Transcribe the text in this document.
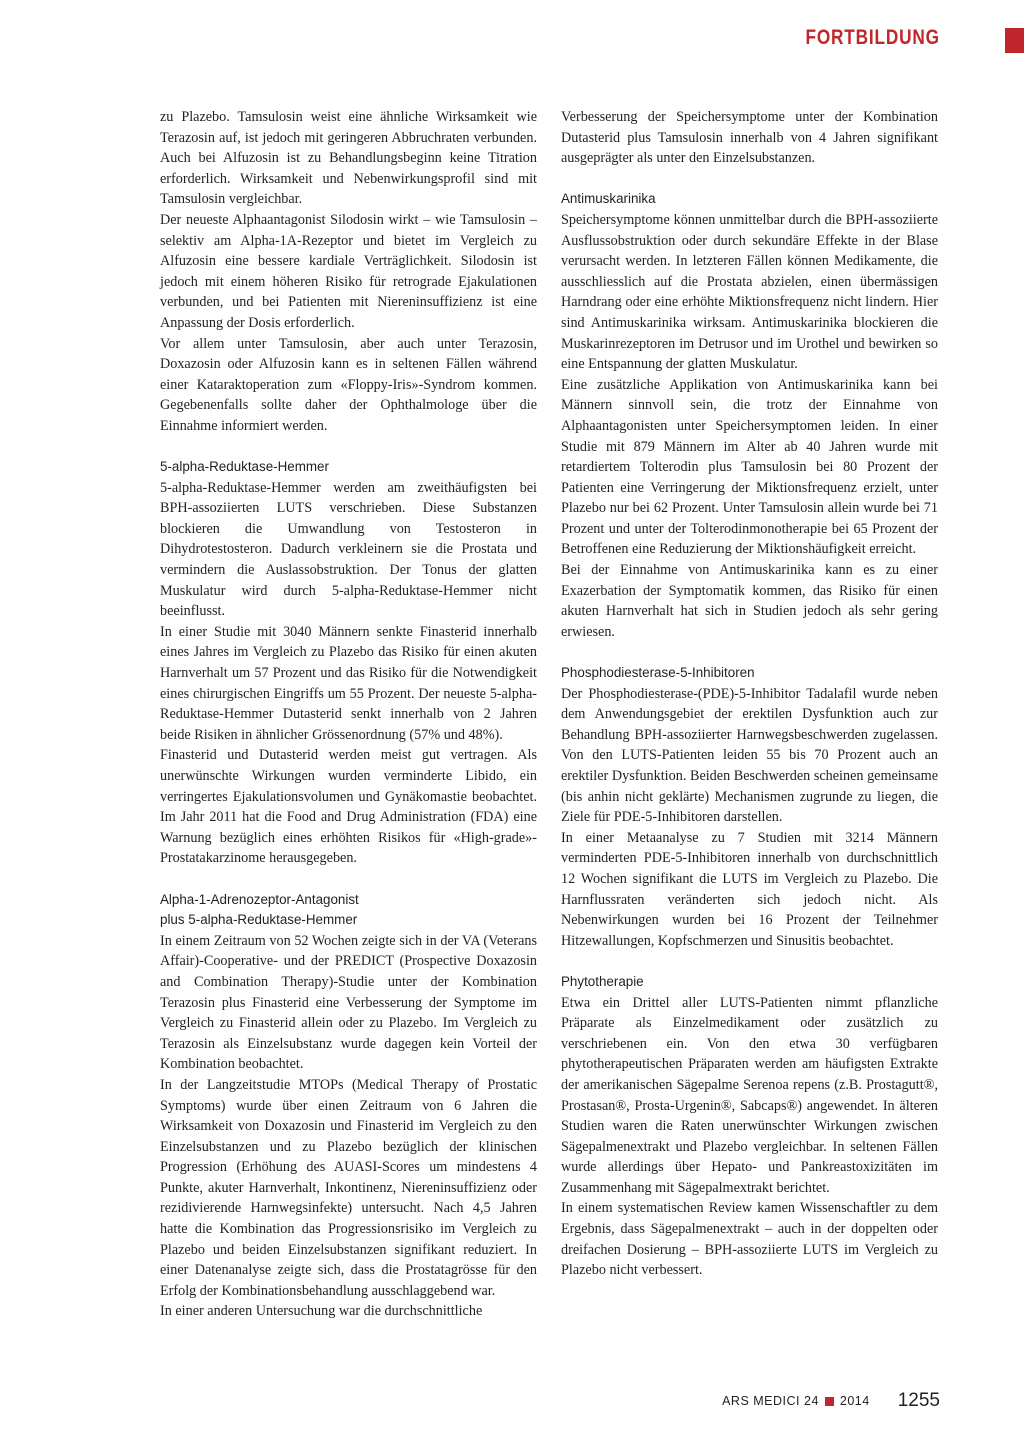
FORTBILDUNG

zu Plazebo. Tamsulosin weist eine ähnliche Wirksamkeit wie Terazosin auf, ist jedoch mit geringeren Abbruchraten verbunden. Auch bei Alfuzosin ist zu Behandlungsbeginn keine Titration erforderlich. Wirksamkeit und Nebenwirkungsprofil sind mit Tamsulosin vergleichbar.

Der neueste Alphaantagonist Silodosin wirkt – wie Tamsulosin – selektiv am Alpha-1A-Rezeptor und bietet im Vergleich zu Alfuzosin eine bessere kardiale Verträglichkeit. Silodosin ist jedoch mit einem höheren Risiko für retrograde Ejakulationen verbunden, und bei Patienten mit Niereninsuffizienz ist eine Anpassung der Dosis erforderlich.

Vor allem unter Tamsulosin, aber auch unter Terazosin, Doxazosin oder Alfuzosin kann es in seltenen Fällen während einer Kataraktoperation zum «Floppy-Iris»-Syndrom kommen. Gegebenenfalls sollte daher der Ophthalmologe über die Einnahme informiert werden.

5-alpha-Reduktase-Hemmer

5-alpha-Reduktase-Hemmer werden am zweithäufigsten bei BPH-assoziierten LUTS verschrieben. Diese Substanzen blockieren die Umwandlung von Testosteron in Dihydrotestosteron. Dadurch verkleinern sie die Prostata und vermindern die Auslassobstruktion. Der Tonus der glatten Muskulatur wird durch 5-alpha-Reduktase-Hemmer nicht beeinflusst.

In einer Studie mit 3040 Männern senkte Finasterid innerhalb eines Jahres im Vergleich zu Plazebo das Risiko für einen akuten Harnverhalt um 57 Prozent und das Risiko für die Notwendigkeit eines chirurgischen Eingriffs um 55 Prozent. Der neueste 5-alpha-Reduktase-Hemmer Dutasterid senkt innerhalb von 2 Jahren beide Risiken in ähnlicher Grössenordnung (57% und 48%).

Finasterid und Dutasterid werden meist gut vertragen. Als unerwünschte Wirkungen wurden verminderte Libido, ein verringertes Ejakulationsvolumen und Gynäkomastie beobachtet. Im Jahr 2011 hat die Food and Drug Administration (FDA) eine Warnung bezüglich eines erhöhten Risikos für «High-grade»-Prostatakarzinome herausgegeben.

Alpha-1-Adrenozeptor-Antagonist
plus 5-alpha-Reduktase-Hemmer

In einem Zeitraum von 52 Wochen zeigte sich in der VA (Veterans Affair)-Cooperative- und der PREDICT (Prospective Doxazosin and Combination Therapy)-Studie unter der Kombination Terazosin plus Finasterid eine Verbesserung der Symptome im Vergleich zu Finasterid allein oder zu Plazebo. Im Vergleich zu Terazosin als Einzelsubstanz wurde dagegen kein Vorteil der Kombination beobachtet.

In der Langzeitstudie MTOPs (Medical Therapy of Prostatic Symptoms) wurde über einen Zeitraum von 6 Jahren die Wirksamkeit von Doxazosin und Finasterid im Vergleich zu den Einzelsubstanzen und zu Plazebo bezüglich der klinischen Progression (Erhöhung des AUASI-Scores um mindestens 4 Punkte, akuter Harnverhalt, Inkontinenz, Niereninsuffizienz oder rezidivierende Harnwegsinfekte) untersucht. Nach 4,5 Jahren hatte die Kombination das Progressionsrisiko im Vergleich zu Plazebo und beiden Einzelsubstanzen signifikant reduziert. In einer Datenanalyse zeigte sich, dass die Prostatagrösse für den Erfolg der Kombinationsbehandlung ausschlaggebend war.

In einer anderen Untersuchung war die durchschnittliche

Verbesserung der Speichersymptome unter der Kombination Dutasterid plus Tamsulosin innerhalb von 4 Jahren signifikant ausgeprägter als unter den Einzelsubstanzen.

Antimuskarinika

Speichersymptome können unmittelbar durch die BPH-assoziierte Ausflussobstruktion oder durch sekundäre Effekte in der Blase verursacht werden. In letzteren Fällen können Medikamente, die ausschliesslich auf die Prostata abzielen, einen übermässigen Harndrang oder eine erhöhte Miktionsfrequenz nicht lindern. Hier sind Antimuskarinika wirksam. Antimuskarinika blockieren die Muskarinrezeptoren im Detrusor und im Urothel und bewirken so eine Entspannung der glatten Muskulatur.

Eine zusätzliche Applikation von Antimuskarinika kann bei Männern sinnvoll sein, die trotz der Einnahme von Alphaantagonisten unter Speichersymptomen leiden. In einer Studie mit 879 Männern im Alter ab 40 Jahren wurde mit retardiertem Tolterodin plus Tamsulosin bei 80 Prozent der Patienten eine Verringerung der Miktionsfrequenz erzielt, unter Plazebo nur bei 62 Prozent. Unter Tamsulosin allein wurde bei 71 Prozent und unter der Tolterodinmonotherapie bei 65 Prozent der Betroffenen eine Reduzierung der Miktionshäufigkeit erreicht.

Bei der Einnahme von Antimuskarinika kann es zu einer Exazerbation der Symptomatik kommen, das Risiko für einen akuten Harnverhalt hat sich in Studien jedoch als sehr gering erwiesen.

Phosphodiesterase-5-Inhibitoren

Der Phosphodiesterase-(PDE)-5-Inhibitor Tadalafil wurde neben dem Anwendungsgebiet der erektilen Dysfunktion auch zur Behandlung BPH-assoziierter Harnwegsbeschwerden zugelassen. Von den LUTS-Patienten leiden 55 bis 70 Prozent auch an erektiler Dysfunktion. Beiden Beschwerden scheinen gemeinsame (bis anhin nicht geklärte) Mechanismen zugrunde zu liegen, die Ziele für PDE-5-Inhibitoren darstellen.

In einer Metaanalyse zu 7 Studien mit 3214 Männern verminderten PDE-5-Inhibitoren innerhalb von durchschnittlich 12 Wochen signifikant die LUTS im Vergleich zu Plazebo. Die Harnflussraten veränderten sich jedoch nicht. Als Nebenwirkungen wurden bei 16 Prozent der Teilnehmer Hitzewallungen, Kopfschmerzen und Sinusitis beobachtet.

Phytotherapie

Etwa ein Drittel aller LUTS-Patienten nimmt pflanzliche Präparate als Einzelmedikament oder zusätzlich zu verschriebenen ein. Von den etwa 30 verfügbaren phytotherapeutischen Präparaten werden am häufigsten Extrakte der amerikanischen Sägepalme Serenoa repens (z.B. Prostagutt®, Prostasan®, Prosta-Urgenin®, Sabcaps®) angewendet. In älteren Studien waren die Raten unerwünschter Wirkungen zwischen Sägepalmenextrakt und Plazebo vergleichbar. In seltenen Fällen wurde allerdings über Hepato- und Pankreastoxizitäten im Zusammenhang mit Sägepalmextrakt berichtet.

In einem systematischen Review kamen Wissenschaftler zu dem Ergebnis, dass Sägepalmenextrakt – auch in der doppelten oder dreifachen Dosierung – BPH-assoziierte LUTS im Vergleich zu Plazebo nicht verbessert.

ARS MEDICI 24 2014 1255
